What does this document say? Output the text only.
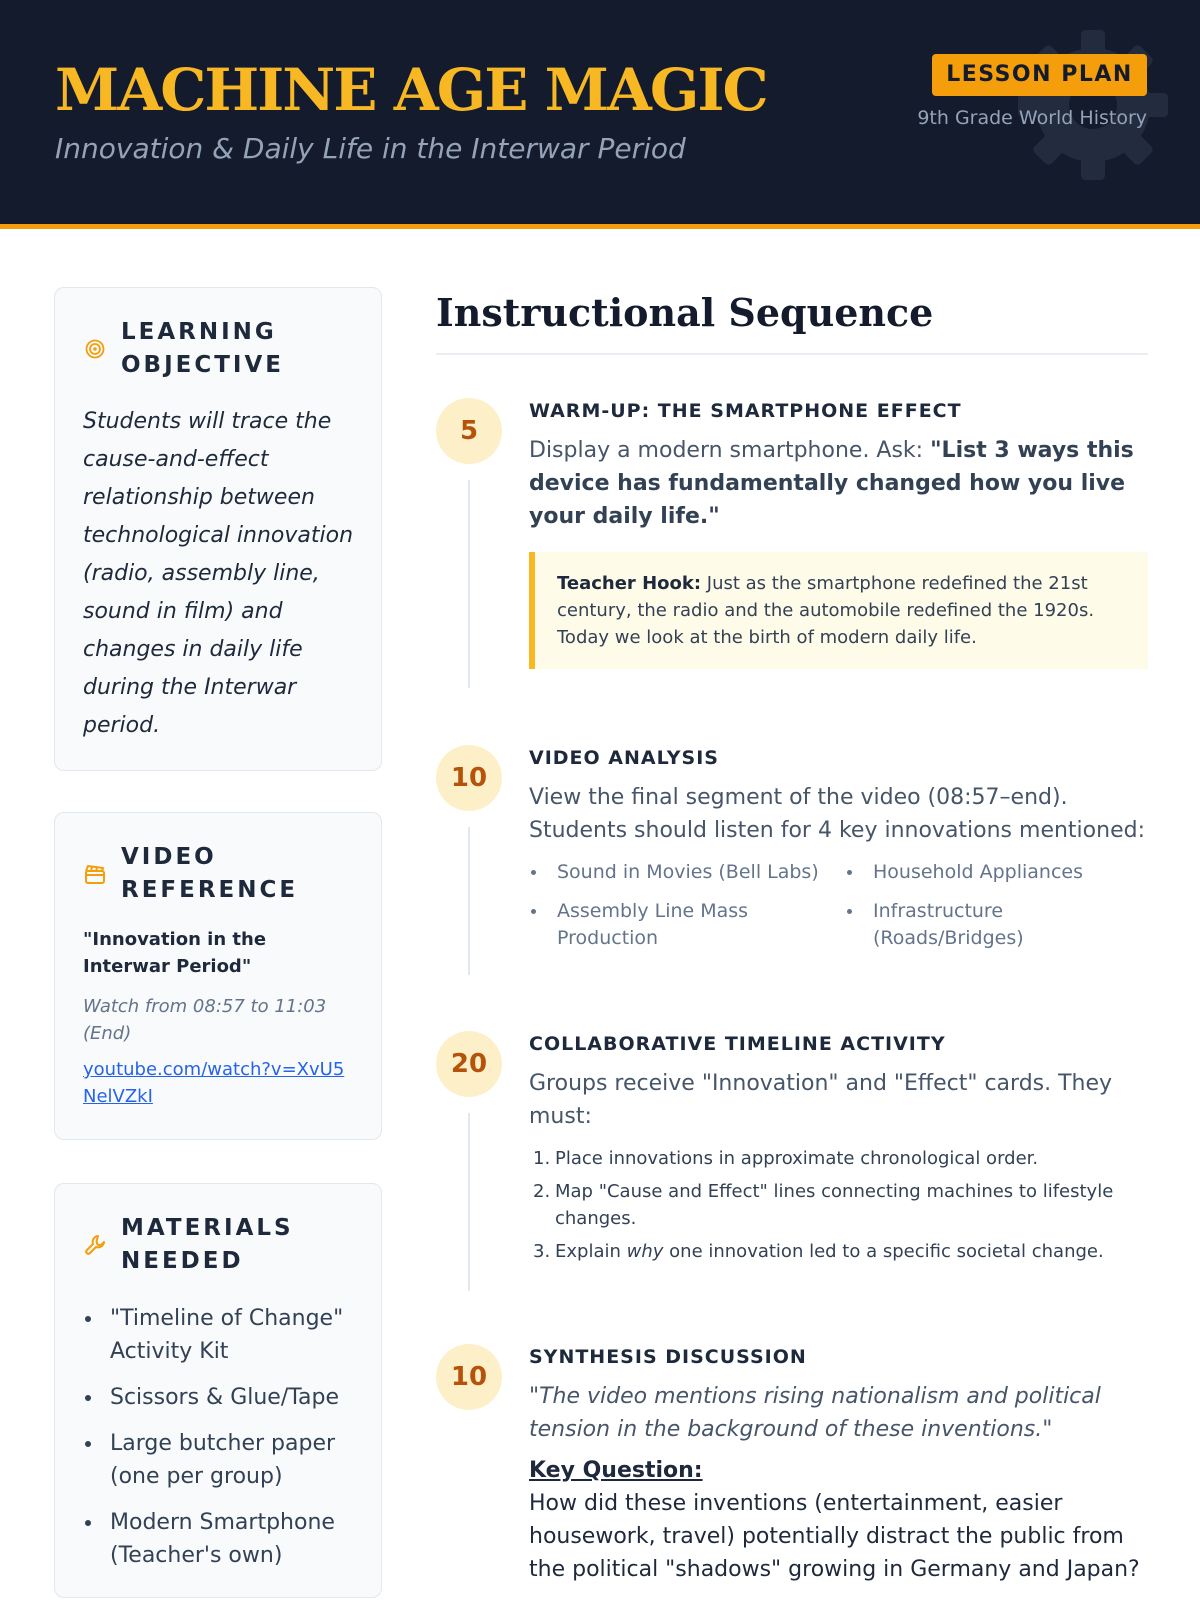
MACHINE AGE MAGIC
Innovation & Daily Life in the Interwar Period
LESSON PLAN
9th Grade World History
LEARNING OBJECTIVE
Students will trace the cause-and-effect relationship between technological innovation (radio, assembly line, sound in film) and changes in daily life during the Interwar period.
VIDEO REFERENCE
"Innovation in the Interwar Period"
Watch from 08:57 to 11:03 (End)
youtube.com/watch?v=XvU5NelVZkI
MATERIALS NEEDED
"Timeline of Change" Activity Kit
Scissors & Glue/Tape
Large butcher paper (one per group)
Modern Smartphone (Teacher's own)
Instructional Sequence
5
WARM-UP: THE SMARTPHONE EFFECT
Display a modern smartphone. Ask: "List 3 ways this device has fundamentally changed how you live your daily life."
Teacher Hook: Just as the smartphone redefined the 21st century, the radio and the automobile redefined the 1920s. Today we look at the birth of modern daily life.
10
VIDEO ANALYSIS
View the final segment of the video (08:57–end). Students should listen for 4 key innovations mentioned:
Sound in Movies (Bell Labs)	Household Appliances
Assembly Line Mass Production
Infrastructure (Roads/Bridges)
20
COLLABORATIVE TIMELINE ACTIVITY
Groups receive "Innovation" and "Effect" cards. They must:
1. Place innovations in approximate chronological order.
2. Map "Cause and Effect" lines connecting machines to lifestyle changes.
3. Explain why one innovation led to a specific societal change.
10
SYNTHESIS DISCUSSION
"The video mentions rising nationalism and political tension in the background of these inventions."
Key Question:
How did these inventions (entertainment, easier housework, travel) potentially distract the public from the political "shadows" growing in Germany and Japan?
